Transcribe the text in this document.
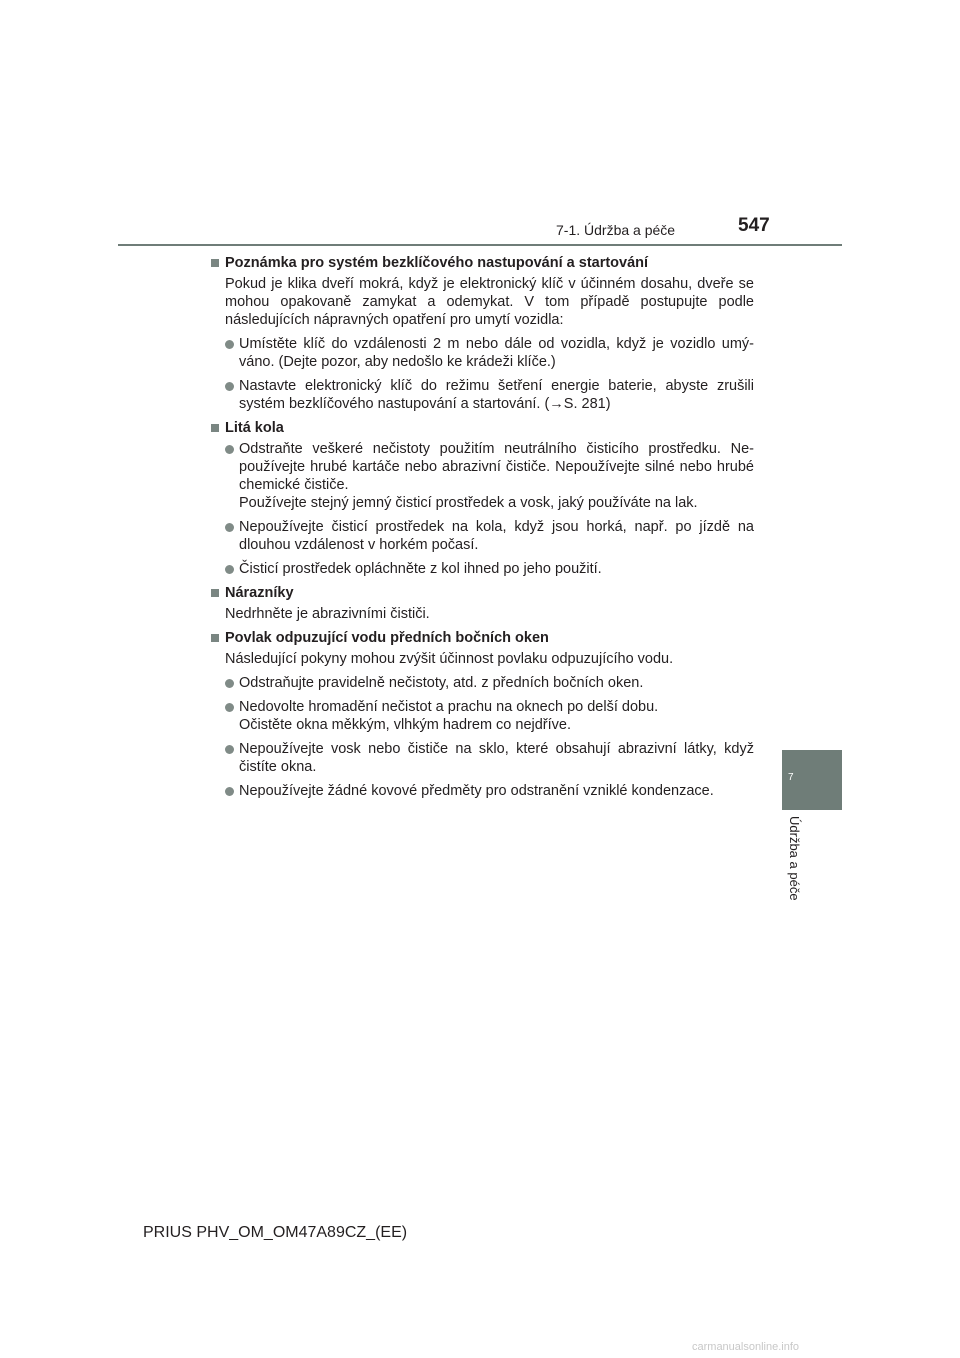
7-1. Údržba a péče	547
7
Údržba a péče
Poznámka pro systém bezklíčového nastupování a startování
Pokud je klika dveří mokrá, když je elektronický klíč v účinném dosahu, dveře se mohou opakovaně zamykat a odemykat. V tom případě postupujte podle následujících nápravných opatření pro umytí vozidla:

Umístěte klíč do vzdálenosti 2 m nebo dále od vozidla, když je vozidlo umý-váno. (Dejte pozor, aby nedošlo ke krádeži klíče.)

Nastavte elektronický klíč do režimu šetření energie baterie, abyste zrušili systém bezklíčového nastupování a startování. (→S. 281)

Litá kola

Odstraňte veškeré nečistoty použitím neutrálního čisticího prostředku. Ne-používejte hrubé kartáče nebo abrazivní čističe. Nepoužívejte silné nebo hrubé chemické čističe.

Používejte stejný jemný čisticí prostředek a vosk, jaký používáte na lak.

Nepoužívejte čisticí prostředek na kola, když jsou horká, např. po jízdě na dlouhou vzdálenost v horkém počasí.

Čisticí prostředek opláchněte z kol ihned po jeho použití.

Nárazníky
Nedrhněte je abrazivními čističi.
Povlak odpuzující vodu předních bočních oken
Následující pokyny mohou zvýšit účinnost povlaku odpuzujícího vodu.

Odstraňujte pravidelně nečistoty, atd. z předních bočních oken.

Nedovolte hromadění nečistot a prachu na oknech po delší dobu.

Očistěte okna měkkým, vlhkým hadrem co nejdříve.

Nepoužívejte vosk nebo čističe na sklo, které obsahují abrazivní látky, když čistíte okna.

Nepoužívejte žádné kovové předměty pro odstranění vzniklé kondenzace.

PRIUS PHV_OM_OM47A89CZ_(EE)
carmanualsonline.info
